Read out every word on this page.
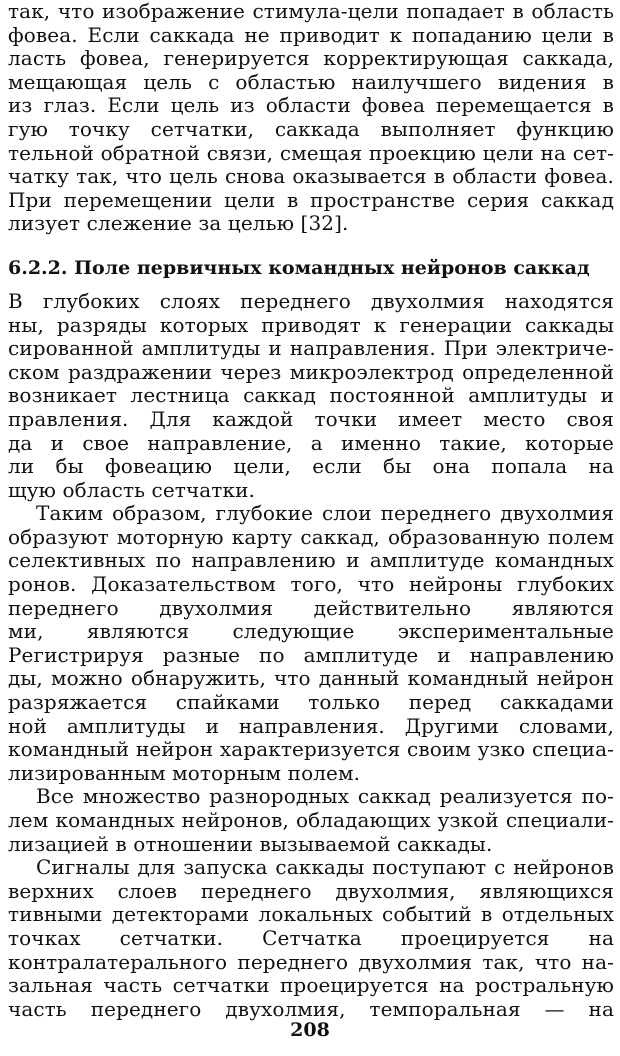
так, что изображение стимула-цели попадает в область
фовеа. Если саккада не приводит к попаданию цели в
ласть фовеа, генерируется корректирующая саккада,
мещающая цель с областью наилучшего видения в
из глаз. Если цель из области фовеа перемещается в
гую точку сетчатки, саккада выполняет функцию
тельной обратной связи, смещая проекцию цели на сет-
чатку так, что цель снова оказывается в области фовеа.
При перемещении цели в пространстве серия саккад
лизует слежение за целью [32].
6.2.2. Поле первичных командных нейронов саккад
В глубоких слоях переднего двухолмия находятся
ны, разряды которых приводят к генерации саккады
сированной амплитуды и направления. При электриче-
ском раздражении через микроэлектрод определенной
возникает лестница саккад постоянной амплитуды и
правления. Для каждой точки имеет место своя
да и свое направление, а именно такие, которые
ли бы фовеацию цели, если бы она попала на
щую область сетчатки.
Таким образом, глубокие слои переднего двухолмия
образуют моторную карту саккад, образованную полем
селективных по направлению и амплитуде командных
ронов. Доказательством того, что нейроны глубоких
переднего двухолмия действительно являются
ми, являются следующие экспериментальные
Регистрируя разные по амплитуде и направлению
ды, можно обнаружить, что данный командный нейрон
разряжается спайками только перед саккадами
ной амплитуды и направления. Другими словами,
командный нейрон характеризуется своим узко специа-
лизированным моторным полем.
Все множество разнородных саккад реализуется по-
лем командных нейронов, обладающих узкой специали-
лизацией в отношении вызываемой саккады.
Сигналы для запуска саккады поступают с нейронов
верхних слоев переднего двухолмия, являющихся
тивными детекторами локальных событий в отдельных
точках сетчатки. Сетчатка проецируется на
контралатерального переднего двухолмия так, что на-
зальная часть сетчатки проецируется на ростральную
часть переднего двухолмия, темпоральная — на
208
